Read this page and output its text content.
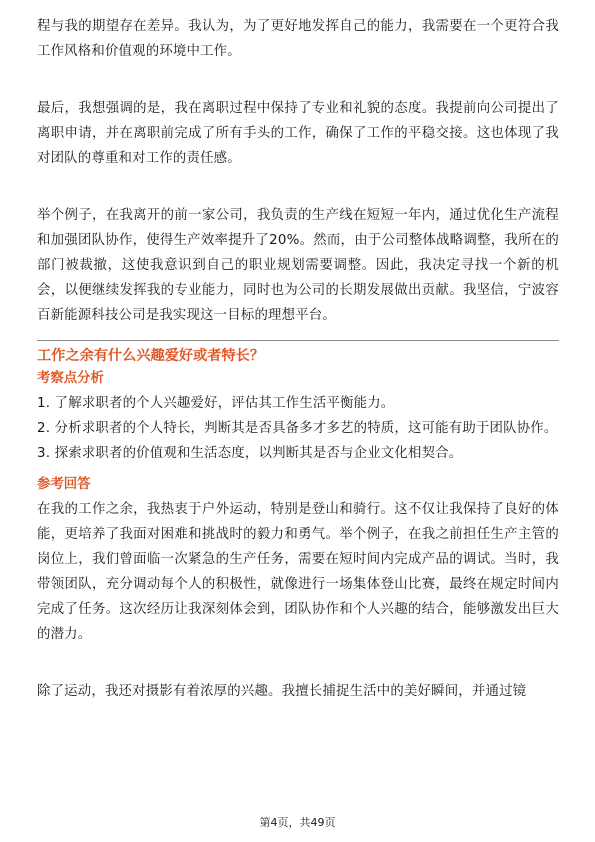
程与我的期望存在差异。我认为，为了更好地发挥自己的能力，我需要在一个更符合我工作风格和价值观的环境中工作。

最后，我想强调的是，我在离职过程中保持了专业和礼貌的态度。我提前向公司提出了离职申请，并在离职前完成了所有手头的工作，确保了工作的平稳交接。这也体现了我对团队的尊重和对工作的责任感。

举个例子，在我离开的前一家公司，我负责的生产线在短短一年内，通过优化生产流程和加强团队协作，使得生产效率提升了20%。然而，由于公司整体战略调整，我所在的部门被裁撤，这使我意识到自己的职业规划需要调整。因此，我决定寻找一个新的机会，以便继续发挥我的专业能力，同时也为公司的长期发展做出贡献。我坚信，宁波容百新能源科技公司是我实现这一目标的理想平台。

工作之余有什么兴趣爱好或者特长？

考察点分析

1. 了解求职者的个人兴趣爱好，评估其工作生活平衡能力。
2. 分析求职者的个人特长，判断其是否具备多才多艺的特质，这可能有助于团队协作。
3. 探索求职者的价值观和生活态度，以判断其是否与企业文化相契合。

参考回答

在我的工作之余，我热衷于户外运动，特别是登山和骑行。这不仅让我保持了良好的体能，更培养了我面对困难和挑战时的毅力和勇气。举个例子，在我之前担任生产主管的岗位上，我们曾面临一次紧急的生产任务，需要在短时间内完成产品的调试。当时，我带领团队，充分调动每个人的积极性，就像进行一场集体登山比赛，最终在规定时间内完成了任务。这次经历让我深刻体会到，团队协作和个人兴趣的结合，能够激发出巨大的潜力。

除了运动，我还对摄影有着浓厚的兴趣。我擅长捕捉生活中的美好瞬间，并通过镜

第4页，共49页
